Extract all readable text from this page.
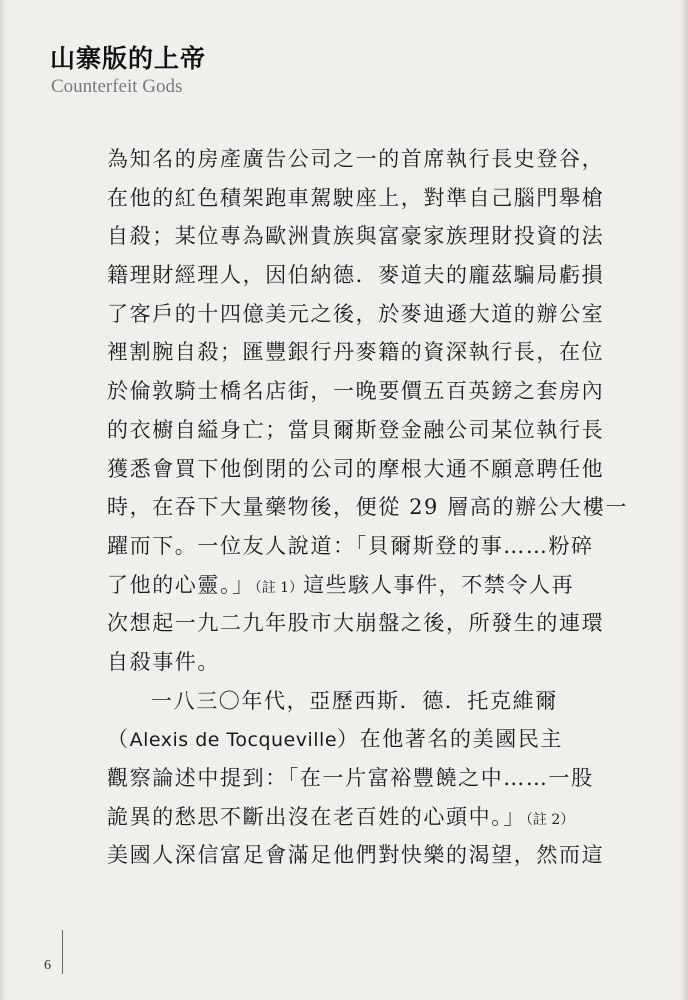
山寨版的上帝
Counterfeit Gods
為知名的房產廣告公司之一的首席執行長史登谷，
在他的紅色積架跑車駕駛座上，對準自己腦門舉槍
自殺；某位專為歐洲貴族與富豪家族理財投資的法
籍理財經理人，因伯納德．麥道夫的龐茲騙局虧損
了客戶的十四億美元之後，於麥迪遜大道的辦公室
裡割腕自殺；匯豐銀行丹麥籍的資深執行長，在位
於倫敦騎士橋名店街，一晚要價五百英鎊之套房內
的衣櫥自縊身亡；當貝爾斯登金融公司某位執行長
獲悉會買下他倒閉的公司的摩根大通不願意聘任他
時，在吞下大量藥物後，便從 29 層高的辦公大樓一
躍而下。一位友人說道：「貝爾斯登的事……粉碎
了他的心靈。」（註 1）這些駭人事件，不禁令人再
次想起一九二九年股市大崩盤之後，所發生的連環
自殺事件。
一八三〇年代，亞歷西斯．德．托克維爾
（Alexis de Tocqueville）在他著名的美國民主
觀察論述中提到：「在一片富裕豐饒之中……一股
詭異的愁思不斷出沒在老百姓的心頭中。」（註 2）
美國人深信富足會滿足他們對快樂的渴望，然而這
6
